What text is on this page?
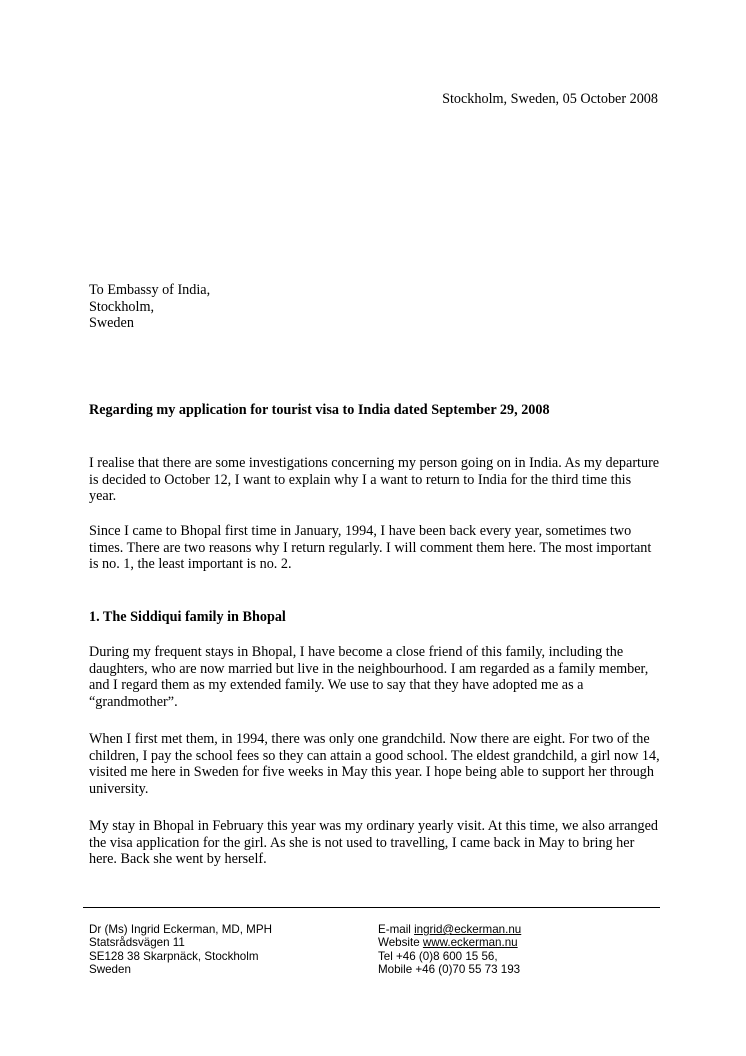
Stockholm, Sweden, 05 October 2008
To Embassy of India,
Stockholm,
Sweden
Regarding my application for tourist visa to India dated September 29, 2008

I realise that there are some investigations concerning my person going on in India. As my departure is decided to October 12, I want to explain why I a want to return to India for the third time this year.

Since I came to Bhopal first time in January, 1994, I have been back every year, sometimes two times. There are two reasons why I return regularly. I will comment them here. The most important is no. 1, the least important is no. 2.

1. The Siddiqui family in Bhopal

During my frequent stays in Bhopal, I have become a close friend of this family, including the daughters, who are now married but live in the neighbourhood. I am regarded as a family member, and I regard them as my extended family. We use to say that they have adopted me as a “grandmother”.

When I first met them, in 1994, there was only one grandchild. Now there are eight. For two of the children, I pay the school fees so they can attain a good school. The eldest grandchild, a girl now 14, visited me here in Sweden for five weeks in May this year. I hope being able to support her through university.

My stay in Bhopal in February this year was my ordinary yearly visit. At this time, we also arranged the visa application for the girl. As she is not used to travelling, I came back in May to bring her here. Back she went by herself.

Dr (Ms) Ingrid Eckerman, MD, MPH
Statsrådsvägen 11
SE128 38 Skarpnäck, Stockholm
Sweden
E-mail ingrid@eckerman.nu
Website www.eckerman.nu
Tel +46 (0)8 600 15 56,
Mobile +46 (0)70 55 73 193
